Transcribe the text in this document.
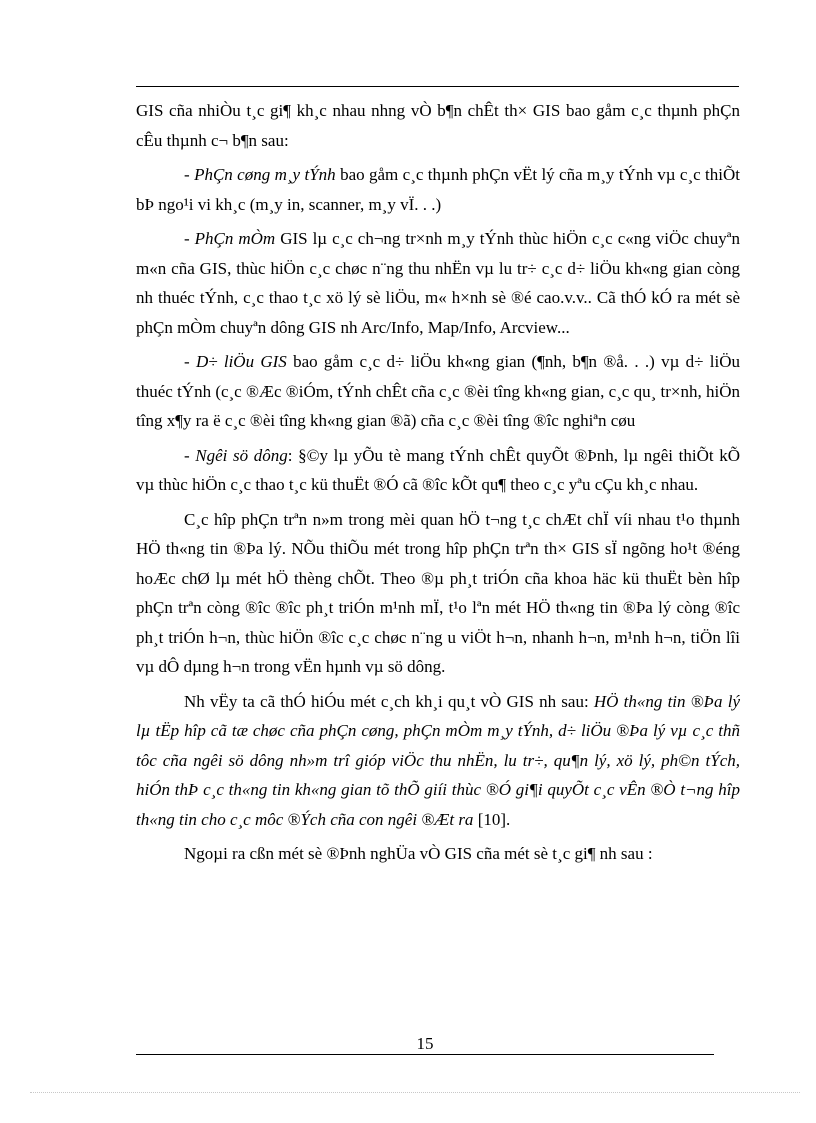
GIS cña nhiÒu t¸c gi¶ kh¸c nhau nhng vÒ b¶n chÊt th× GIS bao gåm c¸c thµnh phÇn cÊu thµnh c¬ b¶n sau:

- PhÇn cøng m¸y tÝnh bao gåm c¸c thµnh phÇn vËt lý cña m¸y tÝnh vµ c¸c thiÕt bÞ ngo¹i vi kh¸c (m¸y in, scanner, m¸y vÏ. . .)

- PhÇn mÒm GIS lµ c¸c ch¬ng tr×nh m¸y tÝnh thùc hiÖn c¸c c«ng viÖc chuyªn m«n cña GIS, thùc hiÖn c¸c chøc n¨ng thu nhËn vµ lu tr÷ c¸c d÷ liÖu kh«ng gian còng nh thuéc tÝnh, c¸c thao t¸c xö lý sè liÖu, m« h×nh sè ®é cao.v.v.. Cã thÓ kÓ ra mét sè phÇn mÒm chuyªn dông GIS nh Arc/Info, Map/Info, Arcview...

- D÷ liÖu GIS bao gåm c¸c d÷ liÖu kh«ng gian (¶nh, b¶n ®å. . .) vµ d÷ liÖu thuéc tÝnh (c¸c ®Æc ®iÓm, tÝnh chÊt cña c¸c ®èi tîng kh«ng gian, c¸c qu¸ tr×nh, hiÖn tîng x¶y ra ë c¸c ®èi tîng kh«ng gian ®ã) cña c¸c ®èi tîng ®îc nghiªn cøu

- Ngêi sö dông: §©y lµ yÕu tè mang tÝnh chÊt quyÕt ®Þnh, lµ ngêi thiÕt kÕ vµ thùc hiÖn c¸c thao t¸c kü thuËt ®Ó cã ®îc kÕt qu¶ theo c¸c yªu cÇu kh¸c nhau.

C¸c hîp phÇn trªn n»m trong mèi quan hÖ t¬ng t¸c chÆt chÏ víi nhau t¹o thµnh HÖ th«ng tin ®Þa lý. NÕu thiÕu mét trong hîp phÇn trªn th× GIS sÏ ngõng ho¹t ®éng hoÆc chØ lµ mét hÖ thèng chÕt. Theo ®µ ph¸t triÓn cña khoa häc kü thuËt bèn hîp phÇn trªn còng ®îc ®îc ph¸t triÓn m¹nh mÏ, t¹o lªn mét HÖ th«ng tin ®Þa lý còng ®îc ph¸t triÓn h¬n, thùc hiÖn ®îc c¸c chøc n¨ng u viÖt h¬n, nhanh h¬n, m¹nh h¬n, tiÖn lîi vµ dÔ dµng h¬n trong vËn hµnh vµ sö dông.

Nh vËy ta cã thÓ hiÓu mét c¸ch kh¸i qu¸t vÒ GIS nh sau: HÖ th«ng tin ®Þa lý lµ tËp hîp cã tæ chøc cña phÇn cøng, phÇn mÒm m¸y tÝnh, d÷ liÖu ®Þa lý vµ c¸c thñ tôc cña ngêi sö dông nh»m trî gióp viÖc thu nhËn, lu tr÷, qu¶n lý, xö lý, ph©n tÝch, hiÓn thÞ c¸c th«ng tin kh«ng gian tõ thÕ giíi thùc ®Ó gi¶i quyÕt c¸c vÊn ®Ò t¬ng hîp th«ng tin cho c¸c môc ®Ých cña con ngêi ®Æt ra [10].

Ngoµi ra cßn mét sè ®Þnh nghÜa vÒ GIS cña mét sè t¸c gi¶ nh sau :

15
